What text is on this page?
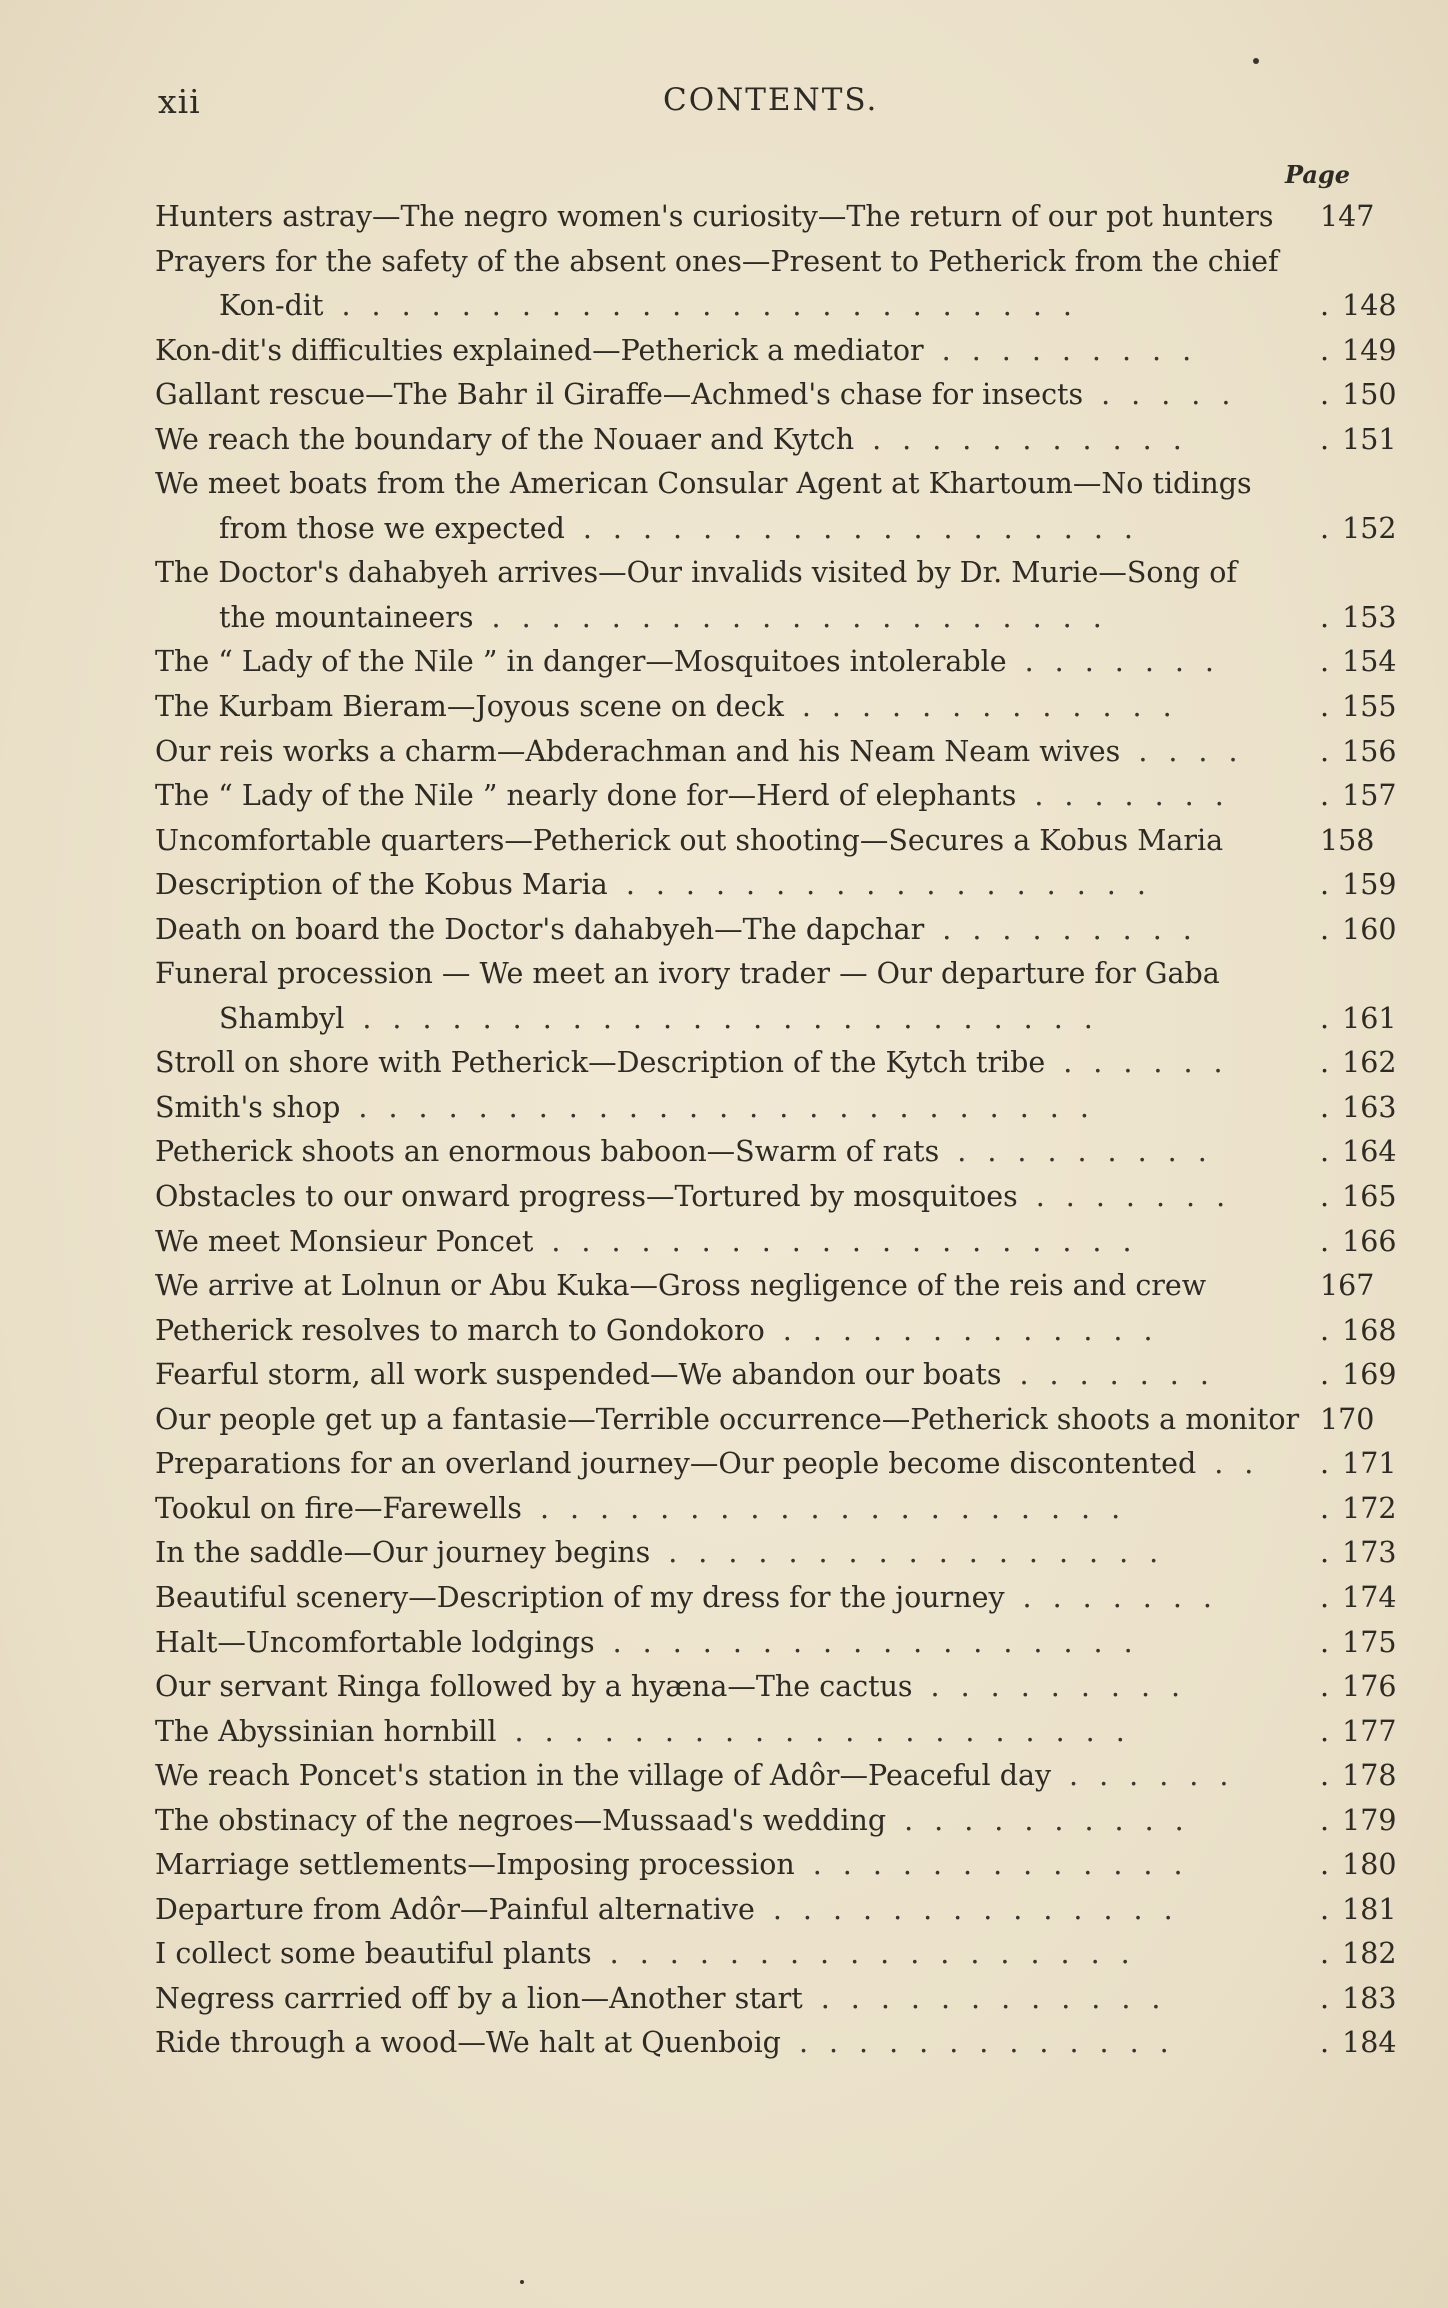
xii	CONTENTS.
Page
Hunters astray—The negro women's curiosity—The return of our pot hunters 147
Prayers for the safety of the absent ones—Present to Petherick from the chief
Kon-dit .........................	. 148
Kon-dit's difficulties explained—Petherick a mediator .........	. 149
Gallant rescue—The Bahr il Giraffe—Achmed's chase for insects .....	. 150
We reach the boundary of the Nouaer and Kytch ...........	. 151
We meet boats from the American Consular Agent at Khartoum—No tidings
from those we expected ...................	. 152
The Doctor's dahabyeh arrives—Our invalids visited by Dr. Murie—Song of
the mountaineers .....................	. 153
The “ Lady of the Nile ” in danger—Mosquitoes intolerable .......	. 154
The Kurbam Bieram—Joyous scene on deck .............	. 155
Our reis works a charm—Abderachman and his Neam Neam wives ....	. 156
The “ Lady of the Nile ” nearly done for—Herd of elephants .......	. 157
Uncomfortable quarters—Petherick out shooting—Secures a Kobus Maria	158
Description of the Kobus Maria ..................	. 159
Death on board the Doctor's dahabyeh—The dapchar .........	. 160
Funeral procession — We meet an ivory trader — Our departure for Gaba
Shambyl .........................	. 161
Stroll on shore with Petherick—Description of the Kytch tribe ......	. 162
Smith's shop .........................	. 163
Petherick shoots an enormous baboon—Swarm of rats .........	. 164
Obstacles to our onward progress—Tortured by mosquitoes .......	. 165
We meet Monsieur Poncet ....................	. 166
We arrive at Lolnun or Abu Kuka—Gross negligence of the reis and crew	167
Petherick resolves to march to Gondokoro .............	. 168
Fearful storm, all work suspended—We abandon our boats .......	. 169
Our people get up a fantasie—Terrible occurrence—Petherick shoots a monitor 170
Preparations for an overland journey—Our people become discontented ..	. 171
Tookul on fire—Farewells ....................	. 172
In the saddle—Our journey begins .................	. 173
Beautiful scenery—Description of my dress for the journey .......	. 174
Halt—Uncomfortable lodgings ..................	. 175
Our servant Ringa followed by a hyæna—The cactus .........	. 176
The Abyssinian hornbill .....................	. 177
We reach Poncet's station in the village of Adôr—Peaceful day ......	. 178
The obstinacy of the negroes—Mussaad's wedding ..........	. 179
Marriage settlements—Imposing procession .............	. 180
Departure from Adôr—Painful alternative ..............	. 181
I collect some beautiful plants ..................	. 182
Negress carrried off by a lion—Another start ............	. 183
Ride through a wood—We halt at Quenboig .............	. 184
